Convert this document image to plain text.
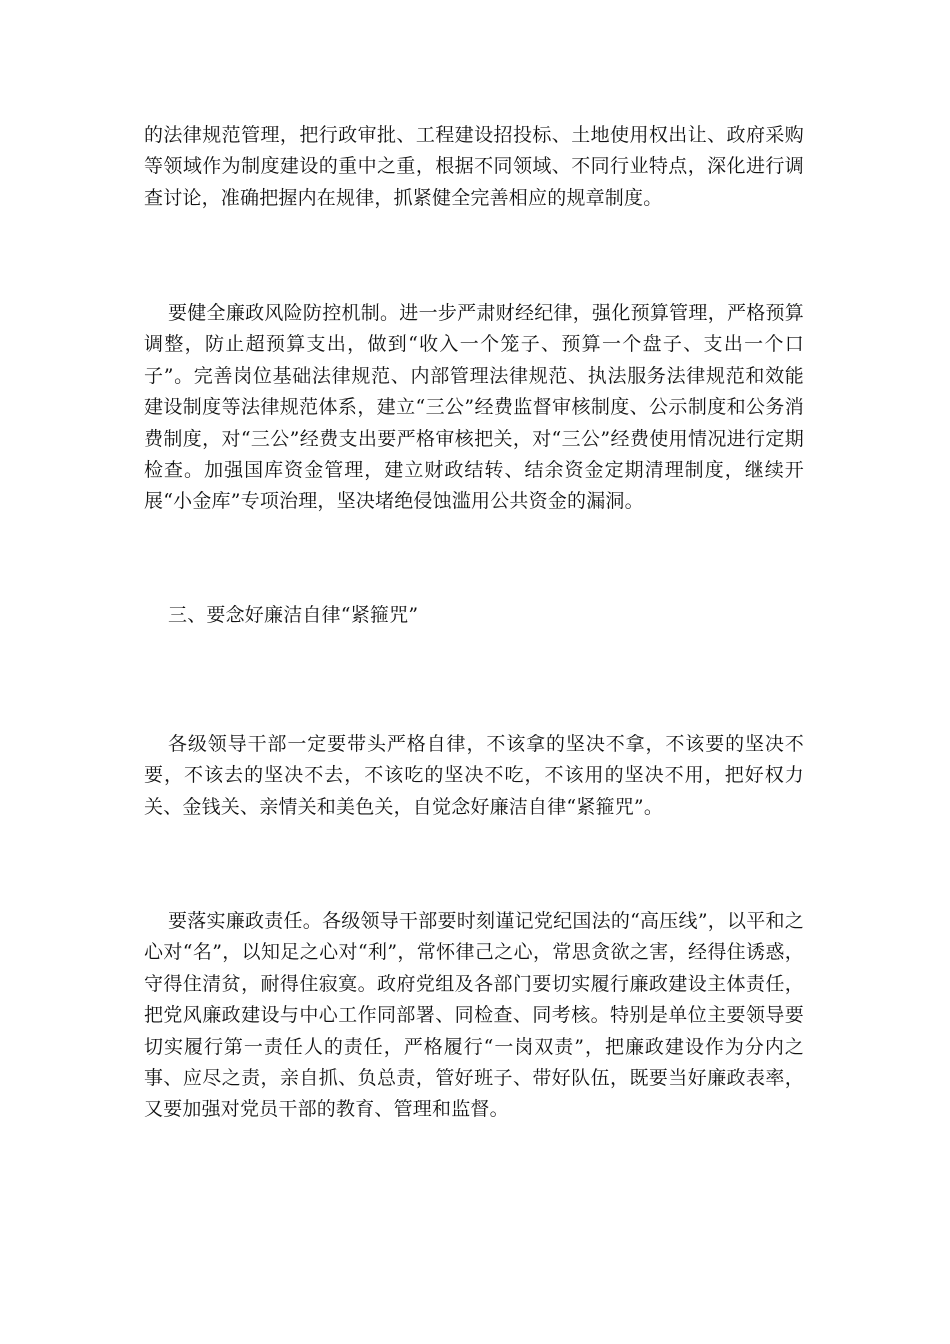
的法律规范管理，把行政审批、工程建设招投标、土地使用权出让、政府采购等领域作为制度建设的重中之重，根据不同领域、不同行业特点，深化进行调查讨论，准确把握内在规律，抓紧健全完善相应的规章制度。

要健全廉政风险防控机制。进一步严肃财经纪律，强化预算管理，严格预算调整，防止超预算支出，做到“收入一个笼子、预算一个盘子、支出一个口子”。完善岗位基础法律规范、内部管理法律规范、执法服务法律规范和效能建设制度等法律规范体系，建立“三公”经费监督审核制度、公示制度和公务消费制度，对“三公”经费支出要严格审核把关，对“三公”经费使用情况进行定期检查。加强国库资金管理，建立财政结转、结余资金定期清理制度，继续开展“小金库”专项治理，坚决堵绝侵蚀滥用公共资金的漏洞。

三、要念好廉洁自律“紧箍咒”

各级领导干部一定要带头严格自律，不该拿的坚决不拿，不该要的坚决不要，不该去的坚决不去，不该吃的坚决不吃，不该用的坚决不用，把好权力关、金钱关、亲情关和美色关，自觉念好廉洁自律“紧箍咒”。

要落实廉政责任。各级领导干部要时刻谨记党纪国法的“高压线”，以平和之心对“名”，以知足之心对“利”，常怀律己之心，常思贪欲之害，经得住诱惑，守得住清贫，耐得住寂寞。政府党组及各部门要切实履行廉政建设主体责任，把党风廉政建设与中心工作同部署、同检查、同考核。特别是单位主要领导要切实履行第一责任人的责任，严格履行“一岗双责”，把廉政建设作为分内之事、应尽之责，亲自抓、负总责，管好班子、带好队伍，既要当好廉政表率，又要加强对党员干部的教育、管理和监督。
